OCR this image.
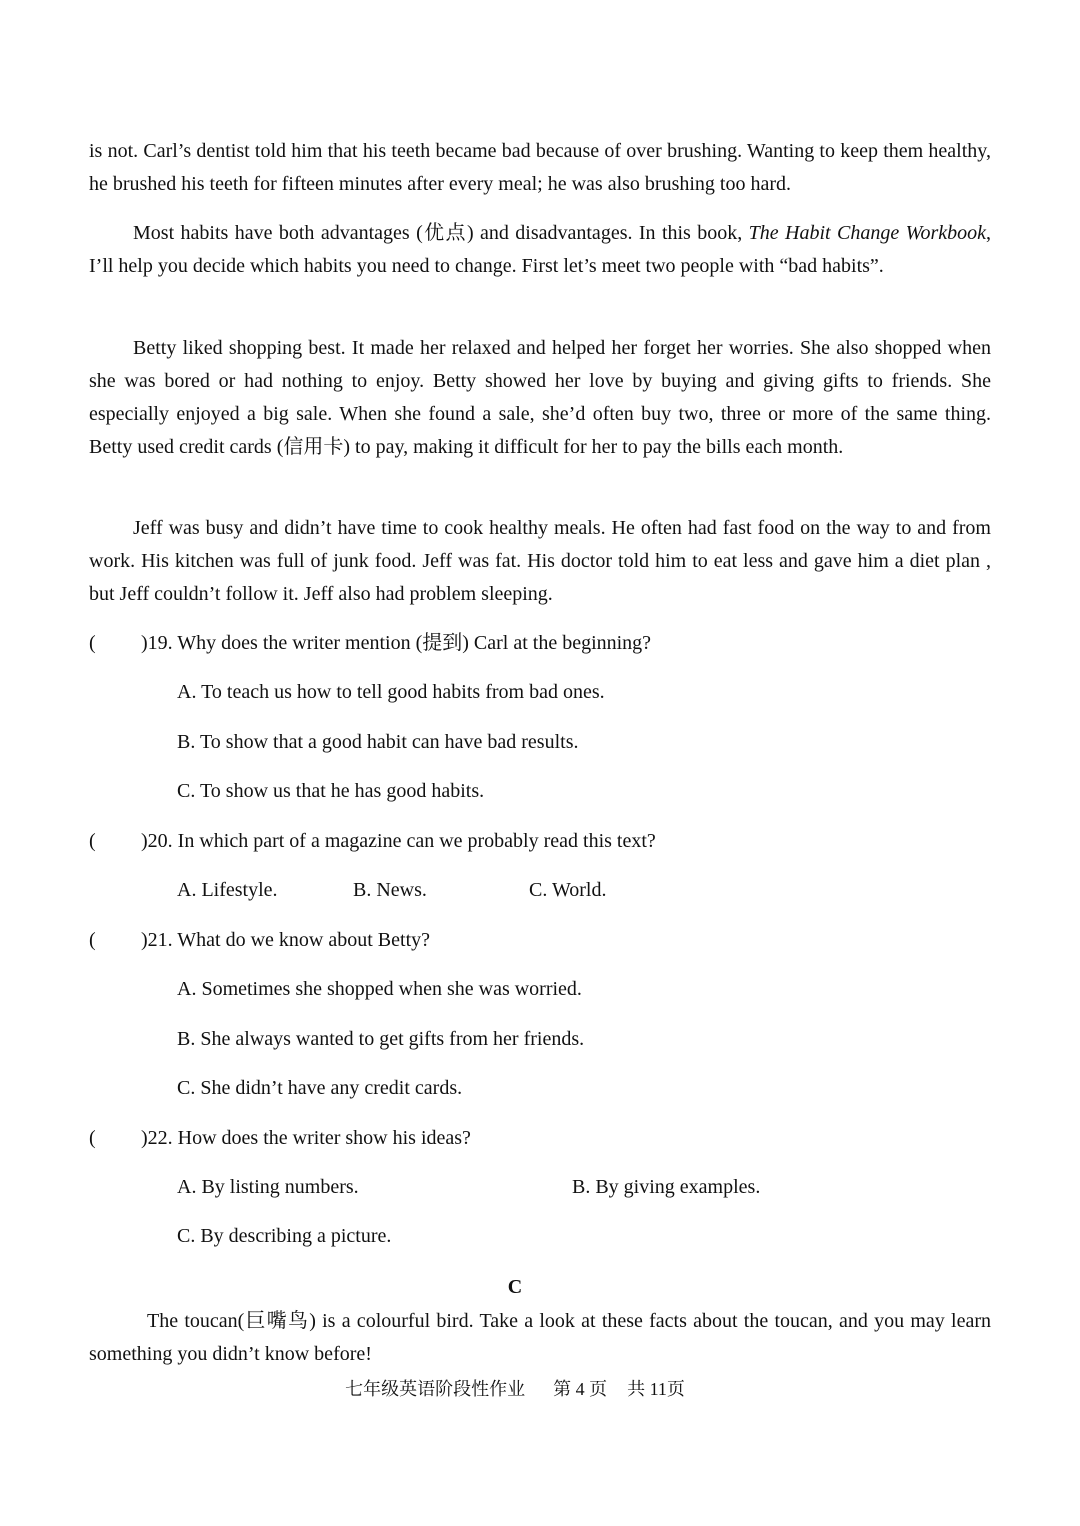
is not. Carl’s dentist told him that his teeth became bad because of over brushing. Wanting to keep them healthy, he brushed his teeth for fifteen minutes after every meal; he was also brushing too hard.
Most habits have both advantages (优点) and disadvantages. In this book, The Habit Change Workbook, I’ll help you decide which habits you need to change. First let’s meet two people with “bad habits”.
Betty liked shopping best. It made her relaxed and helped her forget her worries. She also shopped when she was bored or had nothing to enjoy. Betty showed her love by buying and giving gifts to friends. She especially enjoyed a big sale. When she found a sale, she’d often buy two, three or more of the same thing. Betty used credit cards (信用卡) to pay, making it difficult for her to pay the bills each month.
Jeff was busy and didn’t have time to cook healthy meals. He often had fast food on the way to and from work. His kitchen was full of junk food. Jeff was fat. His doctor told him to eat less and gave him a diet plan , but Jeff couldn’t follow it. Jeff also had problem sleeping.
( )19. Why does the writer mention (提到) Carl at the beginning?
A. To teach us how to tell good habits from bad ones.
B. To show that a good habit can have bad results.
C. To show us that he has good habits.
( )20. In which part of a magazine can we probably read this text?
A. Lifestyle.	B. News.	C. World.
( )21. What do we know about Betty?
A. Sometimes she shopped when she was worried.
B. She always wanted to get gifts from her friends.
C. She didn’t have any credit cards.
( )22. How does the writer show his ideas?
A. By listing numbers.	B. By giving examples.
C. By describing a picture.
C
The toucan(巨嘴鸟) is a colourful bird. Take a look at these facts about the toucan, and you may learn something you didn’t know before!
七年级英语阶段性作业 第 4 页 共 11页
